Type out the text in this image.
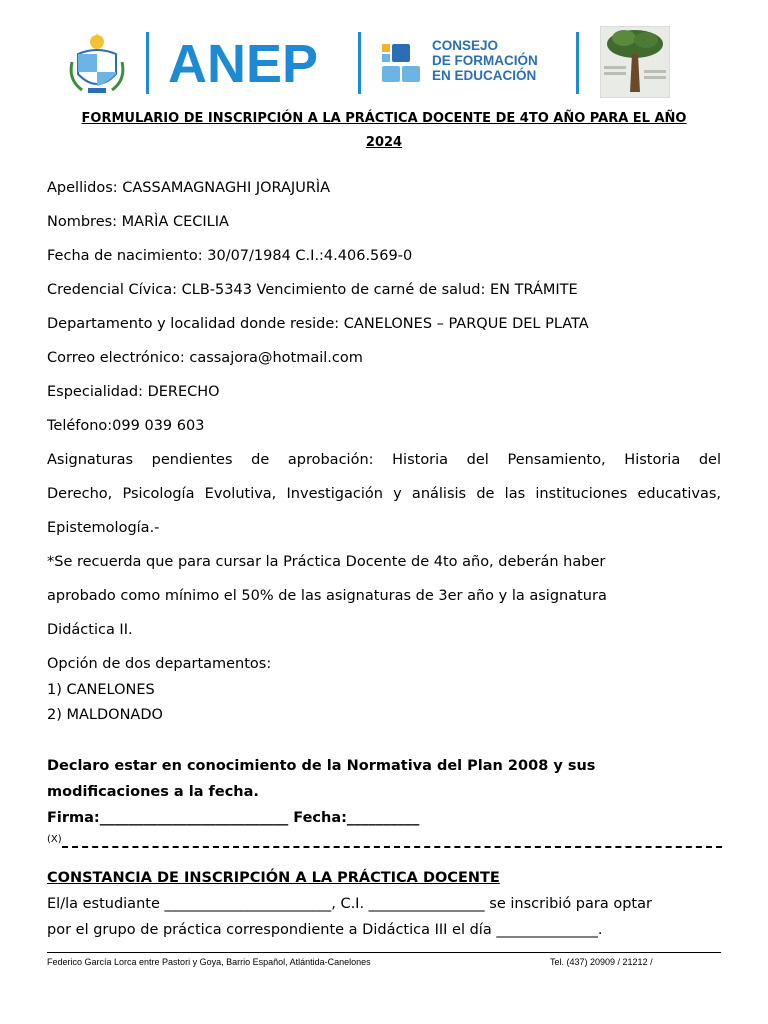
ANEP	CONSEJO
DE FORMACIÓN
EN EDUCACIÓN
FORMULARIO DE INSCRIPCIÓN A LA PRÁCTICA DOCENTE DE 4TO AÑO PARA EL AÑO
2024
Apellidos: CASSAMAGNAGHI JORAJURÌA
Nombres: MARÌA CECILIA
Fecha de nacimiento: 30/07/1984 C.I.:4.406.569-0
Credencial Cívica: CLB-5343 Vencimiento de carné de salud: EN TRÁMITE
Departamento y localidad donde reside: CANELONES – PARQUE DEL PLATA
Correo electrónico: cassajora@hotmail.com
Especialidad: DERECHO
Teléfono:099 039 603
Asignaturas pendientes de aprobación: Historia del Pensamiento, Historia del
Derecho, Psicología Evolutiva, Investigación y análisis de las instituciones educativas,
Epistemología.-
*Se recuerda que para cursar la Práctica Docente de 4to año, deberán haber
aprobado como mínimo el 50% de las asignaturas de 3er año y la asignatura
Didáctica II.
Opción de dos departamentos:
1) CANELONES
2) MALDONADO
Declaro estar en conocimiento de la Normativa del Plan 2008 y sus
modificaciones a la fecha.
Firma:__________________________ Fecha:__________
(X)
CONSTANCIA DE INSCRIPCIÓN A LA PRÁCTICA DOCENTE
El/la estudiante _______________________, C.I. ________________ se inscribió para optar
por el grupo de práctica correspondiente a Didáctica III el día ______________.
Federico García Lorca entre Pastori y Goya, Barrio Español, Atlántida-Canelones	Tel. (437) 20909 / 21212 /
